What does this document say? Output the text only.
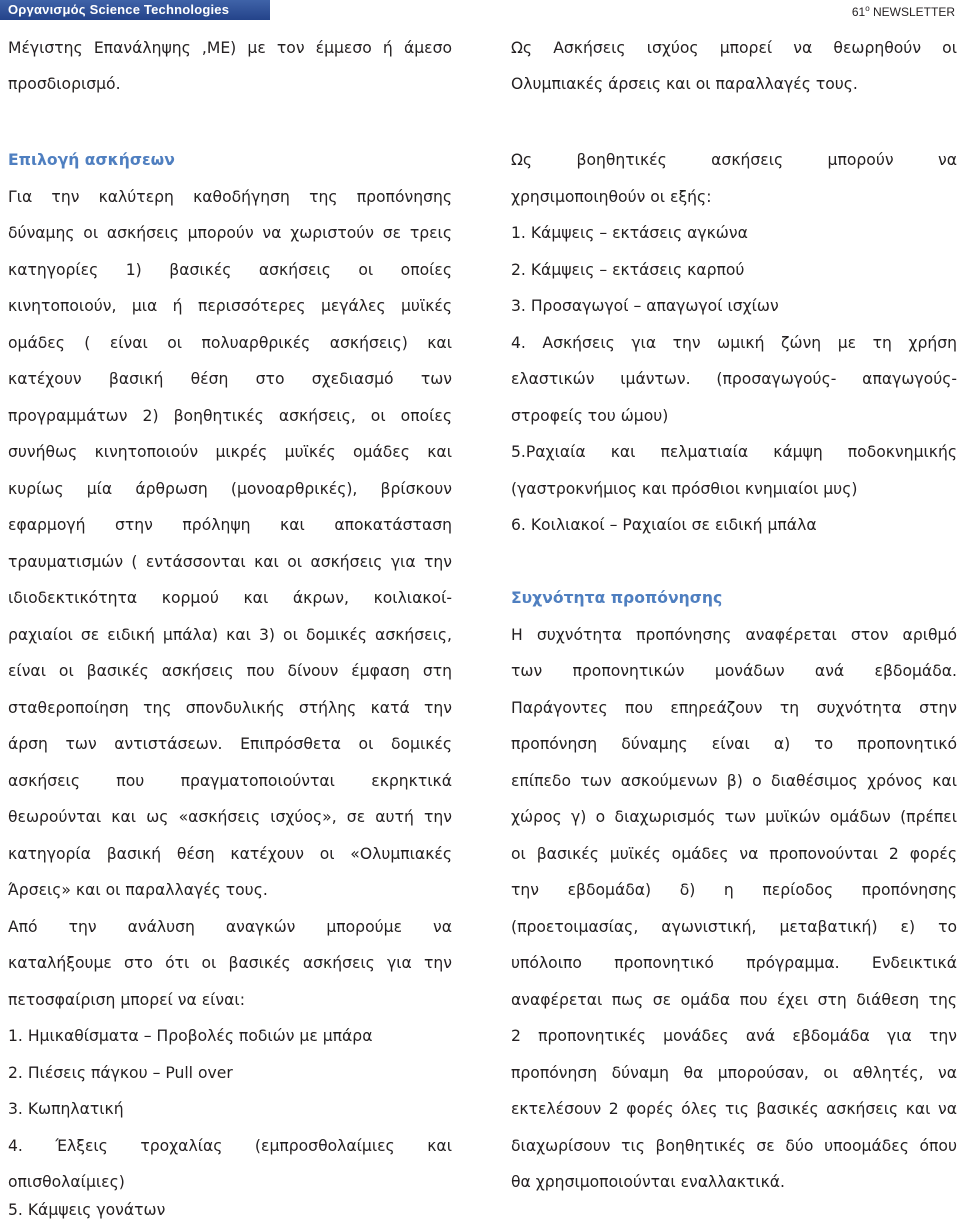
Οργανισμός Science Technologies	$61^o$ NEWSLETTER
Μέγιστης Επανάληψης ,ΜΕ) με τον έμμεσο ή άμεσο
προσδιορισμό.
Επιλογή ασκήσεων
Για την καλύτερη καθοδήγηση της προπόνησης
δύναμης οι ασκήσεις μπορούν να χωριστούν σε τρεις
κατηγορίες 1) βασικές ασκήσεις οι οποίες
κινητοποιούν, μια ή περισσότερες μεγάλες μυϊκές
ομάδες ( είναι οι πολυαρθρικές ασκήσεις) και
κατέχουν βασική θέση στο σχεδιασμό των
προγραμμάτων 2) βοηθητικές ασκήσεις, οι οποίες
συνήθως κινητοποιούν μικρές μυϊκές ομάδες και
κυρίως μία άρθρωση (μονοαρθρικές), βρίσκουν
εφαρμογή στην πρόληψη και αποκατάσταση
τραυματισμών ( εντάσσονται και οι ασκήσεις για την
ιδιοδεκτικότητα κορμού και άκρων, κοιλιακοί-
ραχιαίοι σε ειδική μπάλα) και 3) οι δομικές ασκήσεις,
είναι οι βασικές ασκήσεις που δίνουν έμφαση στη
σταθεροποίηση της σπονδυλικής στήλης κατά την
άρση των αντιστάσεων. Επιπρόσθετα οι δομικές
ασκήσεις που πραγματοποιούνται εκρηκτικά
θεωρούνται και ως «ασκήσεις ισχύος», σε αυτή την
κατηγορία βασική θέση κατέχουν οι «Ολυμπιακές
Άρσεις» και οι παραλλαγές τους.
Από την ανάλυση αναγκών μπορούμε να
καταλήξουμε στο ότι οι βασικές ασκήσεις για την
πετοσφαίριση μπορεί να είναι:
1. Ημικαθίσματα – Προβολές ποδιών με μπάρα
2. Πιέσεις πάγκου – Pull over
3. Κωπηλατική
4. Έλξεις τροχαλίας (εμπροσθολαίμιες και
οπισθολαίμιες)
5. Κάμψεις γονάτων
Ως Ασκήσεις ισχύος μπορεί να θεωρηθούν οι
Ολυμπιακές άρσεις και οι παραλλαγές τους.
Ως βοηθητικές ασκήσεις μπορούν να
χρησιμοποιηθούν οι εξής:
1. Κάμψεις – εκτάσεις αγκώνα
2. Κάμψεις – εκτάσεις καρπού
3. Προσαγωγοί – απαγωγοί ισχίων
4. Ασκήσεις για την ωμική ζώνη με τη χρήση
ελαστικών ιμάντων. (προσαγωγούς- απαγωγούς-
στροφείς του ώμου)
5.Ραχιαία και πελματιαία κάμψη ποδοκνημικής
(γαστροκνήμιος και πρόσθιοι κνημιαίοι μυς)
6. Κοιλιακοί – Ραχιαίοι σε ειδική μπάλα
Συχνότητα προπόνησης
Η συχνότητα προπόνησης αναφέρεται στον αριθμό
των προπονητικών μονάδων ανά εβδομάδα.
Παράγοντες που επηρεάζουν τη συχνότητα στην
προπόνηση δύναμης είναι α) το προπονητικό
επίπεδο των ασκούμενων β) ο διαθέσιμος χρόνος και
χώρος γ) ο διαχωρισμός των μυϊκών ομάδων (πρέπει
οι βασικές μυϊκές ομάδες να προπονούνται 2 φορές
την εβδομάδα) δ) η περίοδος προπόνησης
(προετοιμασίας, αγωνιστική, μεταβατική) ε) το
υπόλοιπο προπονητικό πρόγραμμα. Ενδεικτικά
αναφέρεται πως σε ομάδα που έχει στη διάθεση της
2 προπονητικές μονάδες ανά εβδομάδα για την
προπόνηση δύναμη θα μπορούσαν, οι αθλητές, να
εκτελέσουν 2 φορές όλες τις βασικές ασκήσεις και να
διαχωρίσουν τις βοηθητικές σε δύο υποομάδες όπου
θα χρησιμοποιούνται εναλλακτικά.
